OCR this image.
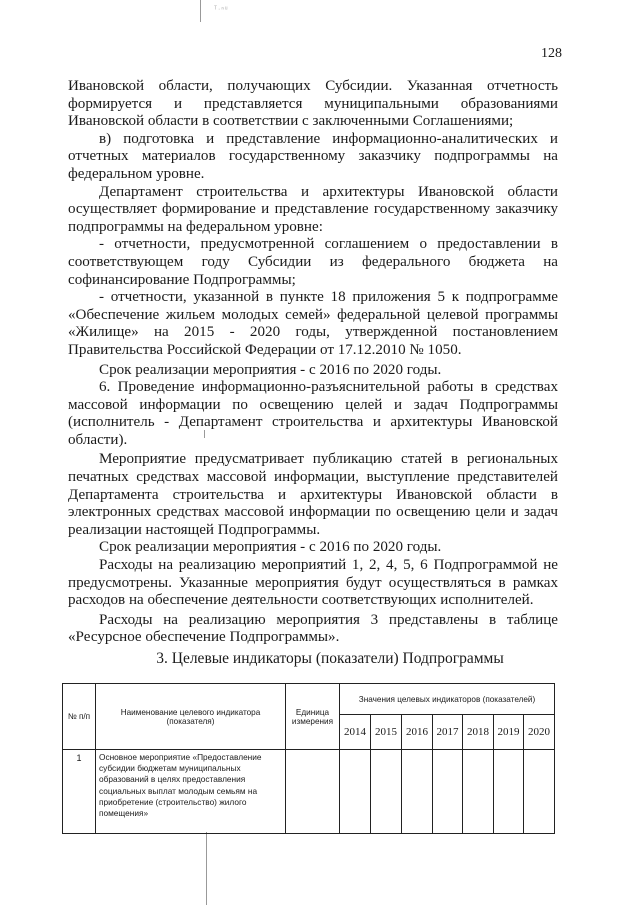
ᵀ·ⁿᵘ
128

Ивановской области, получающих Субсидии. Указанная отчетность формируется и представляется муниципальными образованиями Ивановской области в соответствии с заключенными Соглашениями;

в) подготовка и представление информационно-аналитических и отчетных материалов государственному заказчику подпрограммы на федеральном уровне.

Департамент строительства и архитектуры Ивановской области осуществляет формирование и представление государственному заказчику подпрограммы на федеральном уровне:

- отчетности, предусмотренной соглашением о предоставлении в соответствующем году Субсидии из федерального бюджета на софинансирование Подпрограммы;

- отчетности, указанной в пункте 18 приложения 5 к подпрограмме «Обеспечение жильем молодых семей» федеральной целевой программы «Жилище» на 2015 - 2020 годы, утвержденной постановлением Правительства Российской Федерации от 17.12.2010 № 1050.

Срок реализации мероприятия - с 2016 по 2020 годы.

6. Проведение информационно-разъяснительной работы в средствах массовой информации по освещению целей и задач Подпрограммы (исполнитель - Департамент строительства и архитектуры Ивановской области).

Мероприятие предусматривает публикацию статей в региональных печатных средствах массовой информации, выступление представителей Департамента строительства и архитектуры Ивановской области в электронных средствах массовой информации по освещению цели и задач реализации настоящей Подпрограммы.

Срок реализации мероприятия - с 2016 по 2020 годы.

Расходы на реализацию мероприятий 1, 2, 4, 5, 6 Подпрограммой не предусмотрены. Указанные мероприятия будут осуществляться в рамках расходов на обеспечение деятельности соответствующих исполнителей.

Расходы на реализацию мероприятия 3 представлены в таблице «Ресурсное обеспечение Подпрограммы».

3. Целевые индикаторы (показатели) Подпрограммы
№ п/п	Наименование целевого индикатора (показателя)	Единица измерения	Значения целевых индикаторов (показателей)						
			2014	2015	2016	2017	2018	2019	2020
1	Основное мероприятие «Предоставление субсидии бюджетам муниципальных образований в целях предоставления социальных выплат молодым семьям на приобретение (строительство) жилого помещения»								
